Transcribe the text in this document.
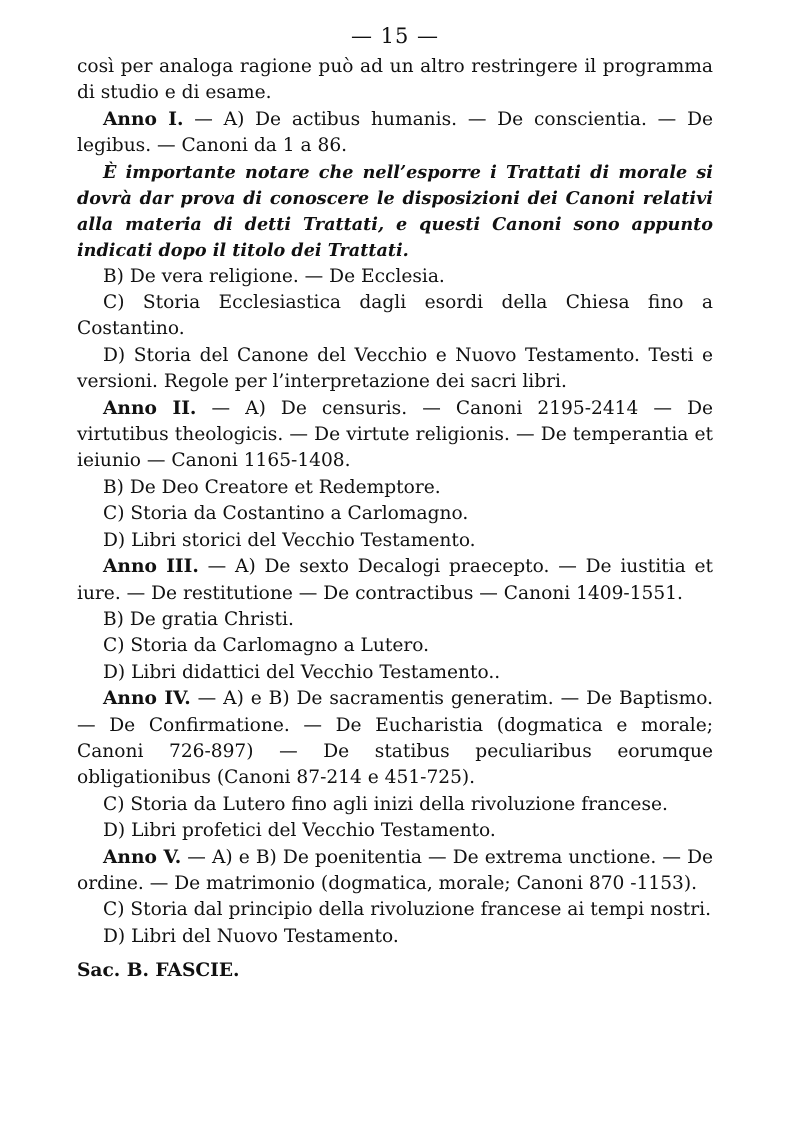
— 15 —

così per analoga ragione può ad un altro restringere il programma di studio e di esame.

Anno I. — A) De actibus humanis. — De conscientia. — De legibus. — Canoni da 1 a 86.

È importante notare che nell’esporre i Trattati di morale si dovrà dar prova di conoscere le disposizioni dei Canoni relativi alla materia di detti Trattati, e questi Canoni sono appunto indicati dopo il titolo dei Trattati.

B) De vera religione. — De Ecclesia.

C) Storia Ecclesiastica dagli esordi della Chiesa fino a Costantino.

D) Storia del Canone del Vecchio e Nuovo Testamento. Testi e versioni. Regole per l’interpretazione dei sacri libri.

Anno II. — A) De censuris. — Canoni 2195-2414 — De virtutibus theologicis. — De virtute religionis. — De temperantia et ieiunio — Canoni 1165-1408.

B) De Deo Creatore et Redemptore.

C) Storia da Costantino a Carlomagno.

D) Libri storici del Vecchio Testamento.

Anno III. — A) De sexto Decalogi praecepto. — De iustitia et iure. — De restitutione — De contractibus — Canoni 1409-1551.

B) De gratia Christi.

C) Storia da Carlomagno a Lutero.

D) Libri didattici del Vecchio Testamento..

Anno IV. — A) e B) De sacramentis generatim. — De Baptismo. — De Confirmatione. — De Eucharistia (dogmatica e morale; Canoni 726-897) — De statibus peculiaribus eorumque obligationibus (Canoni 87-214 e 451-725).

C) Storia da Lutero fino agli inizi della rivoluzione francese.

D) Libri profetici del Vecchio Testamento.

Anno V. — A) e B) De poenitentia — De extrema unctione. — De ordine. — De matrimonio (dogmatica, morale; Canoni 870 -1153).

C) Storia dal principio della rivoluzione francese ai tempi nostri.

D) Libri del Nuovo Testamento.

Sac. B. FASCIE.
